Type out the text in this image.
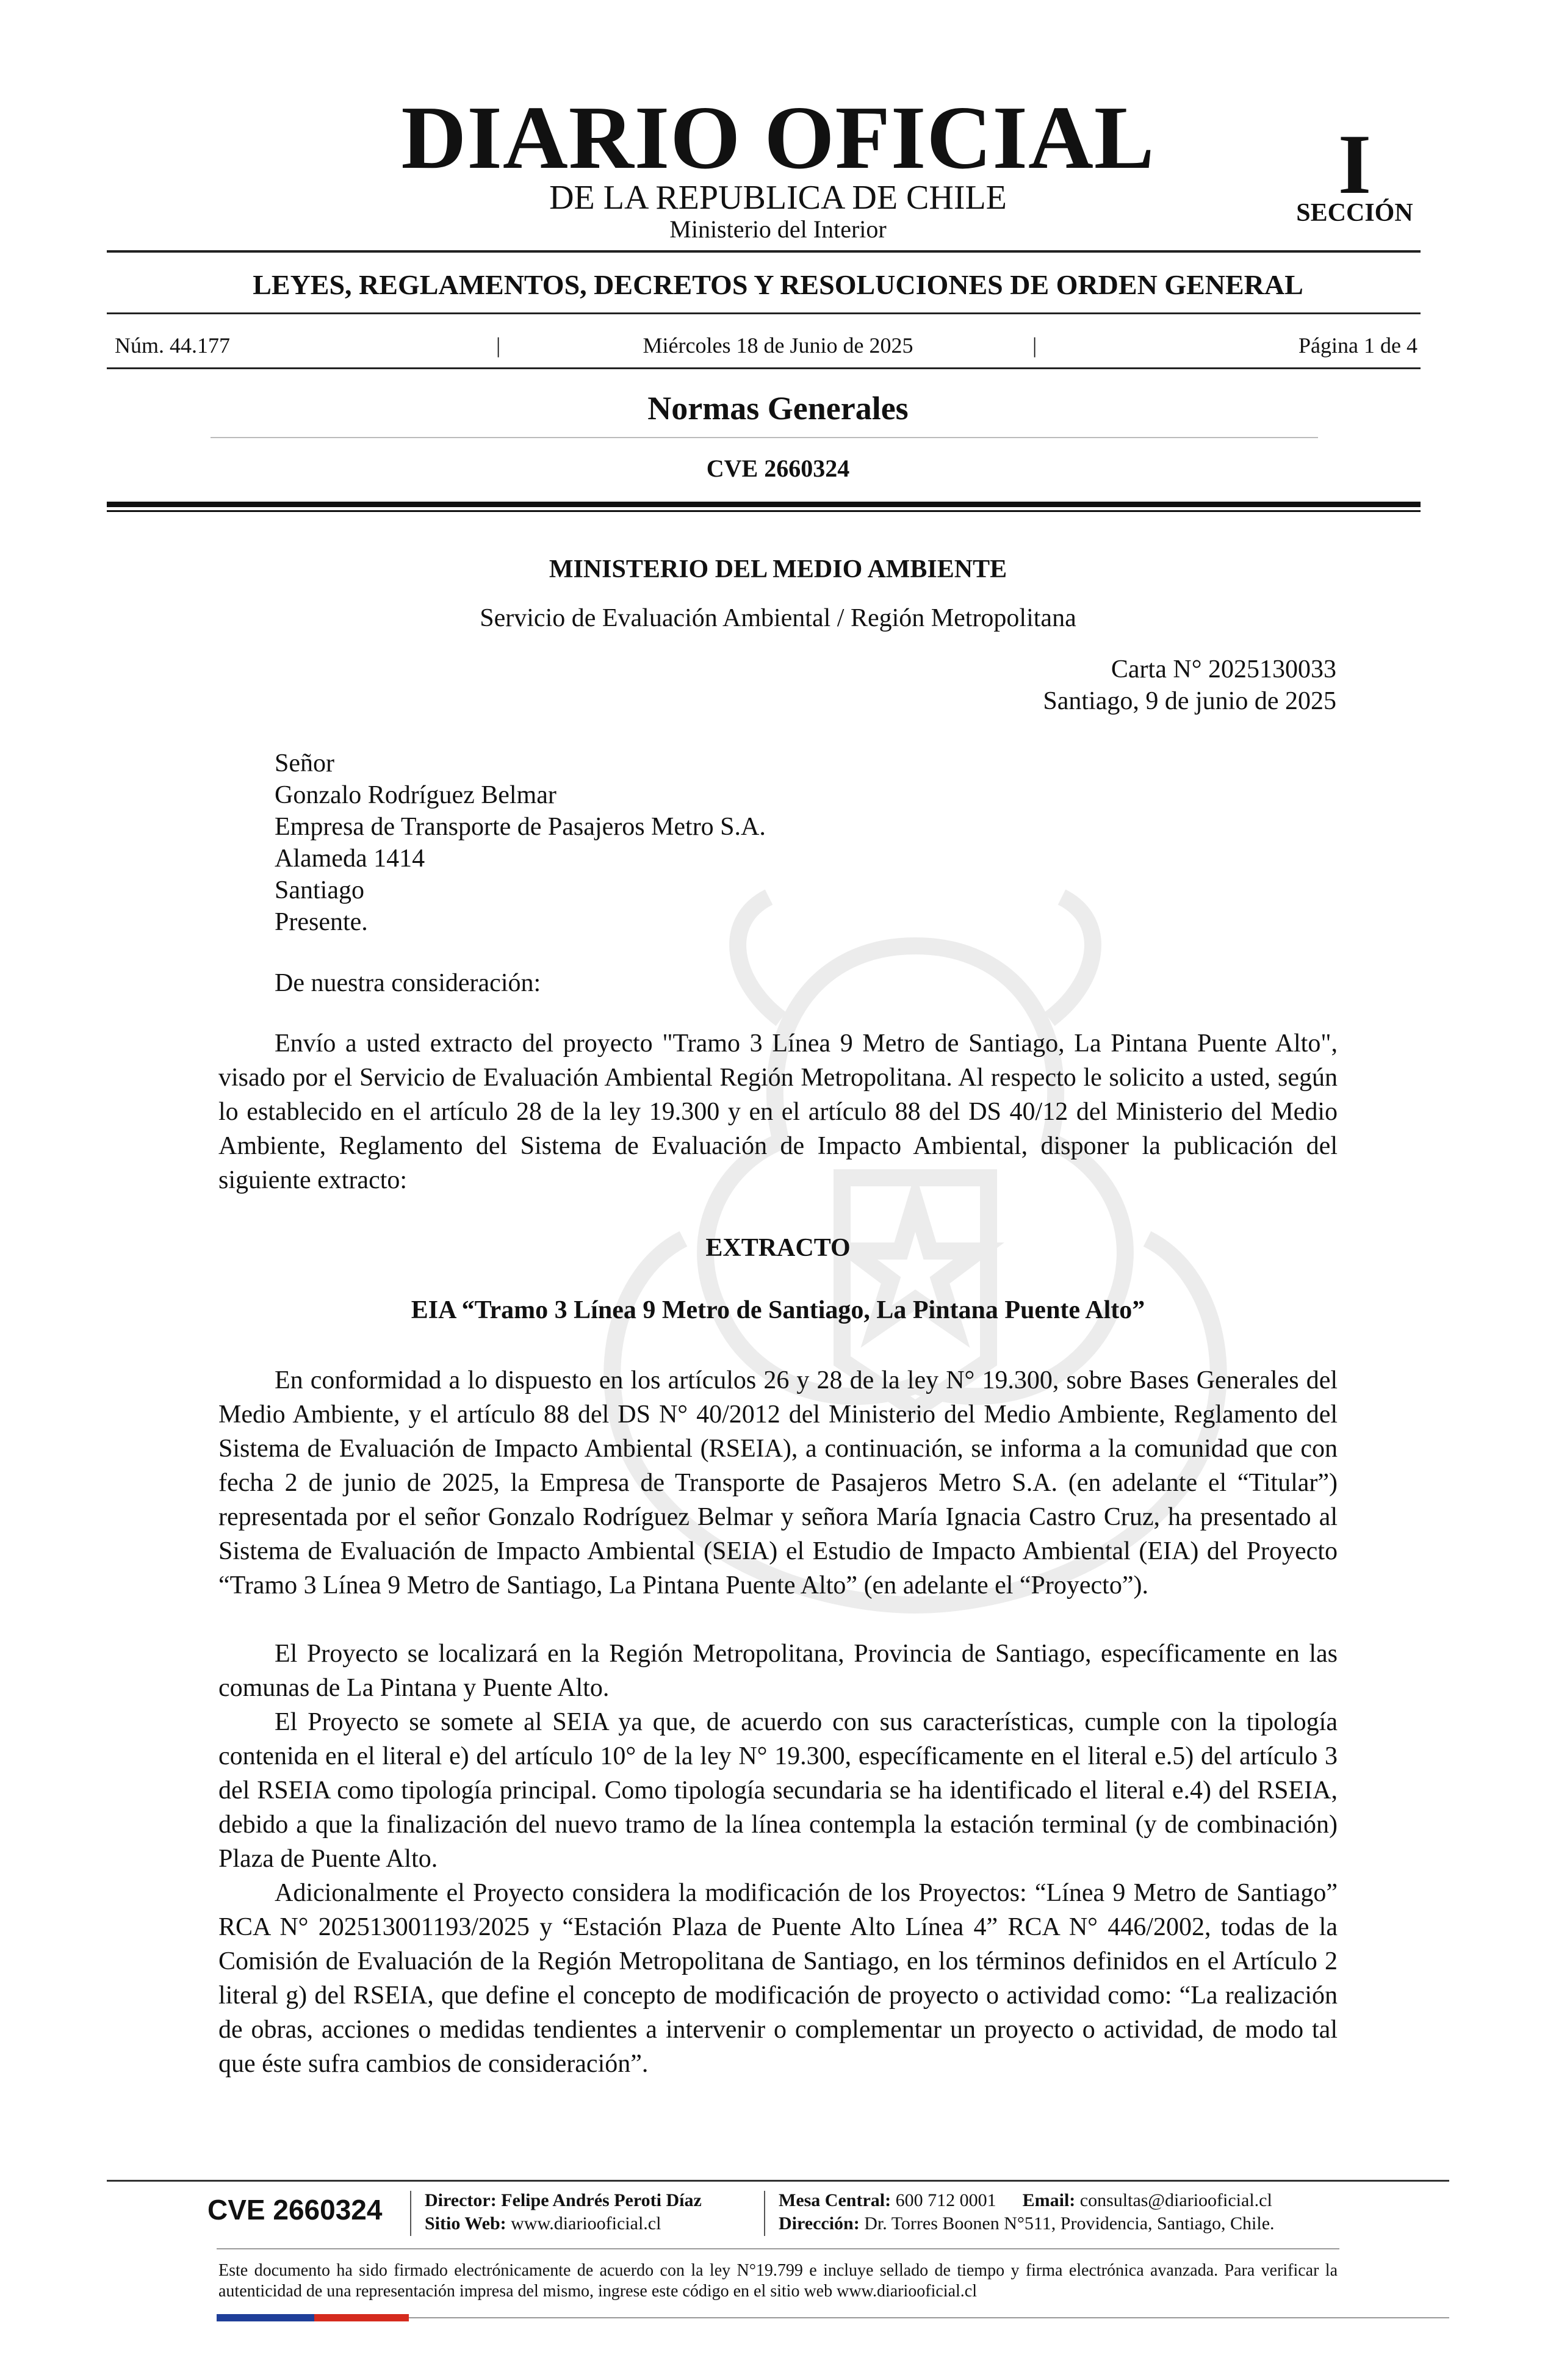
DIARIO OFICIAL
DE LA REPUBLICA DE CHILE
Ministerio del Interior
I
SECCIÓN
LEYES, REGLAMENTOS, DECRETOS Y RESOLUCIONES DE ORDEN GENERAL
Núm. 44.177	|	Miércoles 18 de Junio de 2025	|	Página 1 de 4
Normas Generales
CVE 2660324
MINISTERIO DEL MEDIO AMBIENTE
Servicio de Evaluación Ambiental / Región Metropolitana
Carta N° 2025130033
Santiago, 9 de junio de 2025
Señor
Gonzalo Rodríguez Belmar
Empresa de Transporte de Pasajeros Metro S.A.
Alameda 1414
Santiago
Presente.
De nuestra consideración:

Envío a usted extracto del proyecto "Tramo 3 Línea 9 Metro de Santiago, La Pintana Puente Alto", visado por el Servicio de Evaluación Ambiental Región Metropolitana. Al respecto le solicito a usted, según lo establecido en el artículo 28 de la ley 19.300 y en el artículo 88 del DS 40/12 del Ministerio del Medio Ambiente, Reglamento del Sistema de Evaluación de Impacto Ambiental, disponer la publicación del siguiente extracto:

EXTRACTO
EIA “Tramo 3 Línea 9 Metro de Santiago, La Pintana Puente Alto”

En conformidad a lo dispuesto en los artículos 26 y 28 de la ley N° 19.300, sobre Bases Generales del Medio Ambiente, y el artículo 88 del DS N° 40/2012 del Ministerio del Medio Ambiente, Reglamento del Sistema de Evaluación de Impacto Ambiental (RSEIA), a continuación, se informa a la comunidad que con fecha 2 de junio de 2025, la Empresa de Transporte de Pasajeros Metro S.A. (en adelante el “Titular”) representada por el señor Gonzalo Rodríguez Belmar y señora María Ignacia Castro Cruz, ha presentado al Sistema de Evaluación de Impacto Ambiental (SEIA) el Estudio de Impacto Ambiental (EIA) del Proyecto “Tramo 3 Línea 9 Metro de Santiago, La Pintana Puente Alto” (en adelante el “Proyecto”).

El Proyecto se localizará en la Región Metropolitana, Provincia de Santiago, específicamente en las comunas de La Pintana y Puente Alto.

El Proyecto se somete al SEIA ya que, de acuerdo con sus características, cumple con la tipología contenida en el literal e) del artículo 10° de la ley N° 19.300, específicamente en el literal e.5) del artículo 3 del RSEIA como tipología principal. Como tipología secundaria se ha identificado el literal e.4) del RSEIA, debido a que la finalización del nuevo tramo de la línea contempla la estación terminal (y de combinación) Plaza de Puente Alto.

Adicionalmente el Proyecto considera la modificación de los Proyectos: “Línea 9 Metro de Santiago” RCA N° 202513001193/2025 y “Estación Plaza de Puente Alto Línea 4” RCA N° 446/2002, todas de la Comisión de Evaluación de la Región Metropolitana de Santiago, en los términos definidos en el Artículo 2 literal g) del RSEIA, que define el concepto de modificación de proyecto o actividad como: “La realización de obras, acciones o medidas tendientes a intervenir o complementar un proyecto o actividad, de modo tal que éste sufra cambios de consideración”.

CVE 2660324 Director: Felipe Andrés Peroti Díaz
Sitio Web: www.diariooficial.cl
Mesa Central: 600 712 0001 Email: consultas@diariooficial.cl
Dirección: Dr. Torres Boonen N°511, Providencia, Santiago, Chile.
Este documento ha sido firmado electrónicamente de acuerdo con la ley N°19.799 e incluye sellado de tiempo y firma electrónica avanzada. Para verificar la autenticidad de una representación impresa del mismo, ingrese este código en el sitio web www.diariooficial.cl
